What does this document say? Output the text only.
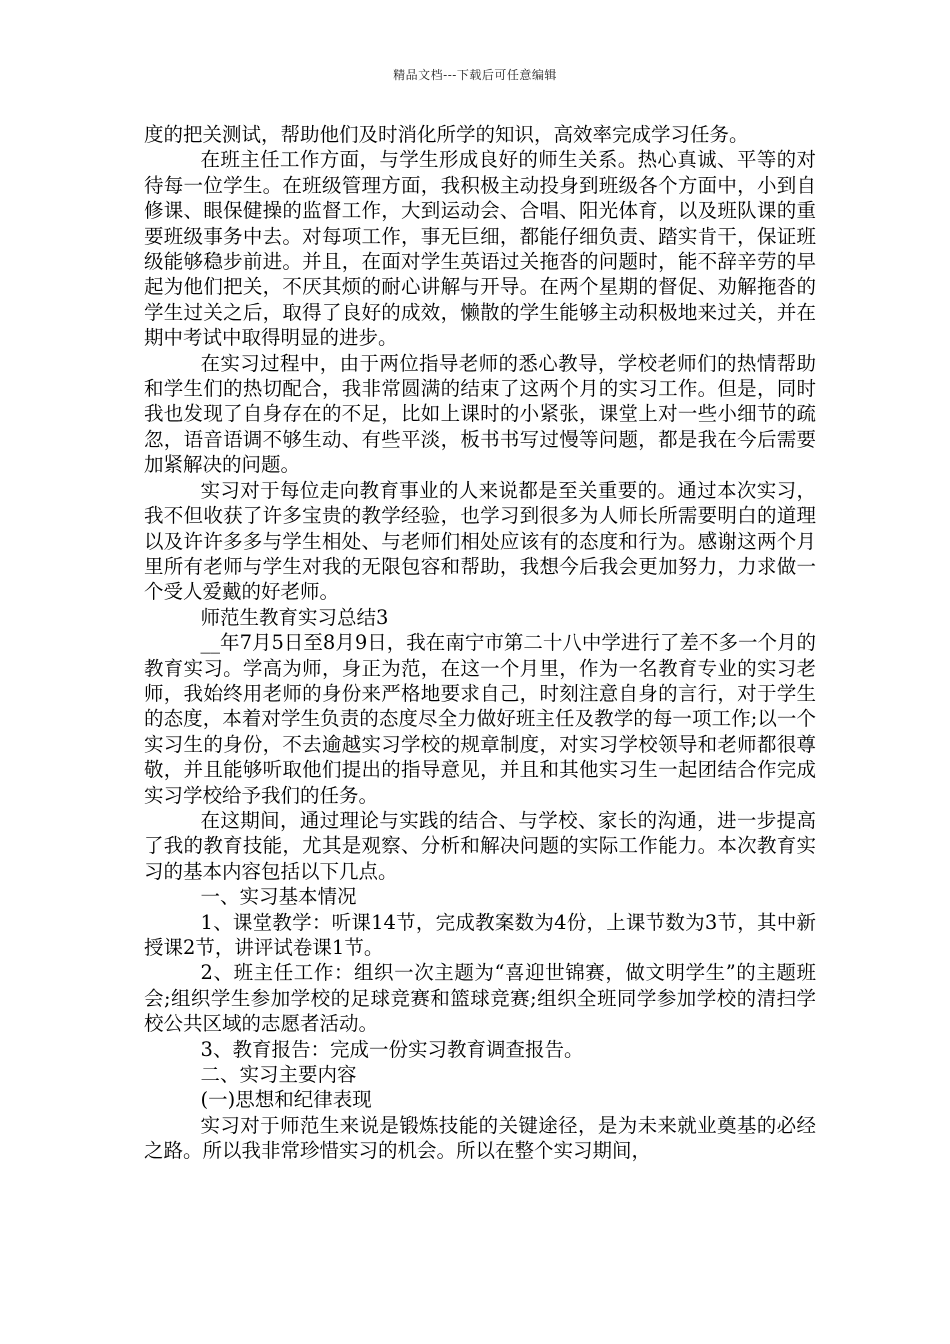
精品文档---下载后可任意编辑

度的把关测试，帮助他们及时消化所学的知识，高效率完成学习任务。

在班主任工作方面，与学生形成良好的师生关系。热心真诚、平等的对待每一位学生。在班级管理方面，我积极主动投身到班级各个方面中，小到自修课、眼保健操的监督工作，大到运动会、合唱、阳光体育，以及班队课的重要班级事务中去。对每项工作，事无巨细，都能仔细负责、踏实肯干，保证班级能够稳步前进。并且，在面对学生英语过关拖沓的问题时，能不辞辛劳的早起为他们把关，不厌其烦的耐心讲解与开导。在两个星期的督促、劝解拖沓的学生过关之后，取得了良好的成效，懒散的学生能够主动积极地来过关，并在期中考试中取得明显的进步。

在实习过程中，由于两位指导老师的悉心教导，学校老师们的热情帮助和学生们的热切配合，我非常圆满的结束了这两个月的实习工作。但是，同时我也发现了自身存在的不足，比如上课时的小紧张，课堂上对一些小细节的疏忽，语音语调不够生动、有些平淡，板书书写过慢等问题，都是我在今后需要加紧解决的问题。

实习对于每位走向教育事业的人来说都是至关重要的。通过本次实习，我不但收获了许多宝贵的教学经验，也学习到很多为人师长所需要明白的道理以及许许多多与学生相处、与老师们相处应该有的态度和行为。感谢这两个月里所有老师与学生对我的无限包容和帮助，我想今后我会更加努力，力求做一个受人爱戴的好老师。

师范生教育实习总结3

__年7月5日至8月9日，我在南宁市第二十八中学进行了差不多一个月的教育实习。学高为师，身正为范，在这一个月里，作为一名教育专业的实习老师，我始终用老师的身份来严格地要求自己，时刻注意自身的言行，对于学生的态度，本着对学生负责的态度尽全力做好班主任及教学的每一项工作;以一个实习生的身份，不去逾越实习学校的规章制度，对实习学校领导和老师都很尊敬，并且能够听取他们提出的指导意见，并且和其他实习生一起团结合作完成实习学校给予我们的任务。

在这期间，通过理论与实践的结合、与学校、家长的沟通，进一步提高了我的教育技能，尤其是观察、分析和解决问题的实际工作能力。本次教育实习的基本内容包括以下几点。

一、实习基本情况

1、课堂教学：听课14节，完成教案数为4份，上课节数为3节，其中新授课2节，讲评试卷课1节。

2、班主任工作：组织一次主题为“喜迎世锦赛，做文明学生”的主题班会;组织学生参加学校的足球竞赛和篮球竞赛;组织全班同学参加学校的清扫学校公共区域的志愿者活动。

3、教育报告：完成一份实习教育调查报告。

二、实习主要内容

(一)思想和纪律表现

实习对于师范生来说是锻炼技能的关键途径，是为未来就业奠基的必经之路。所以我非常珍惜实习的机会。所以在整个实习期间，
